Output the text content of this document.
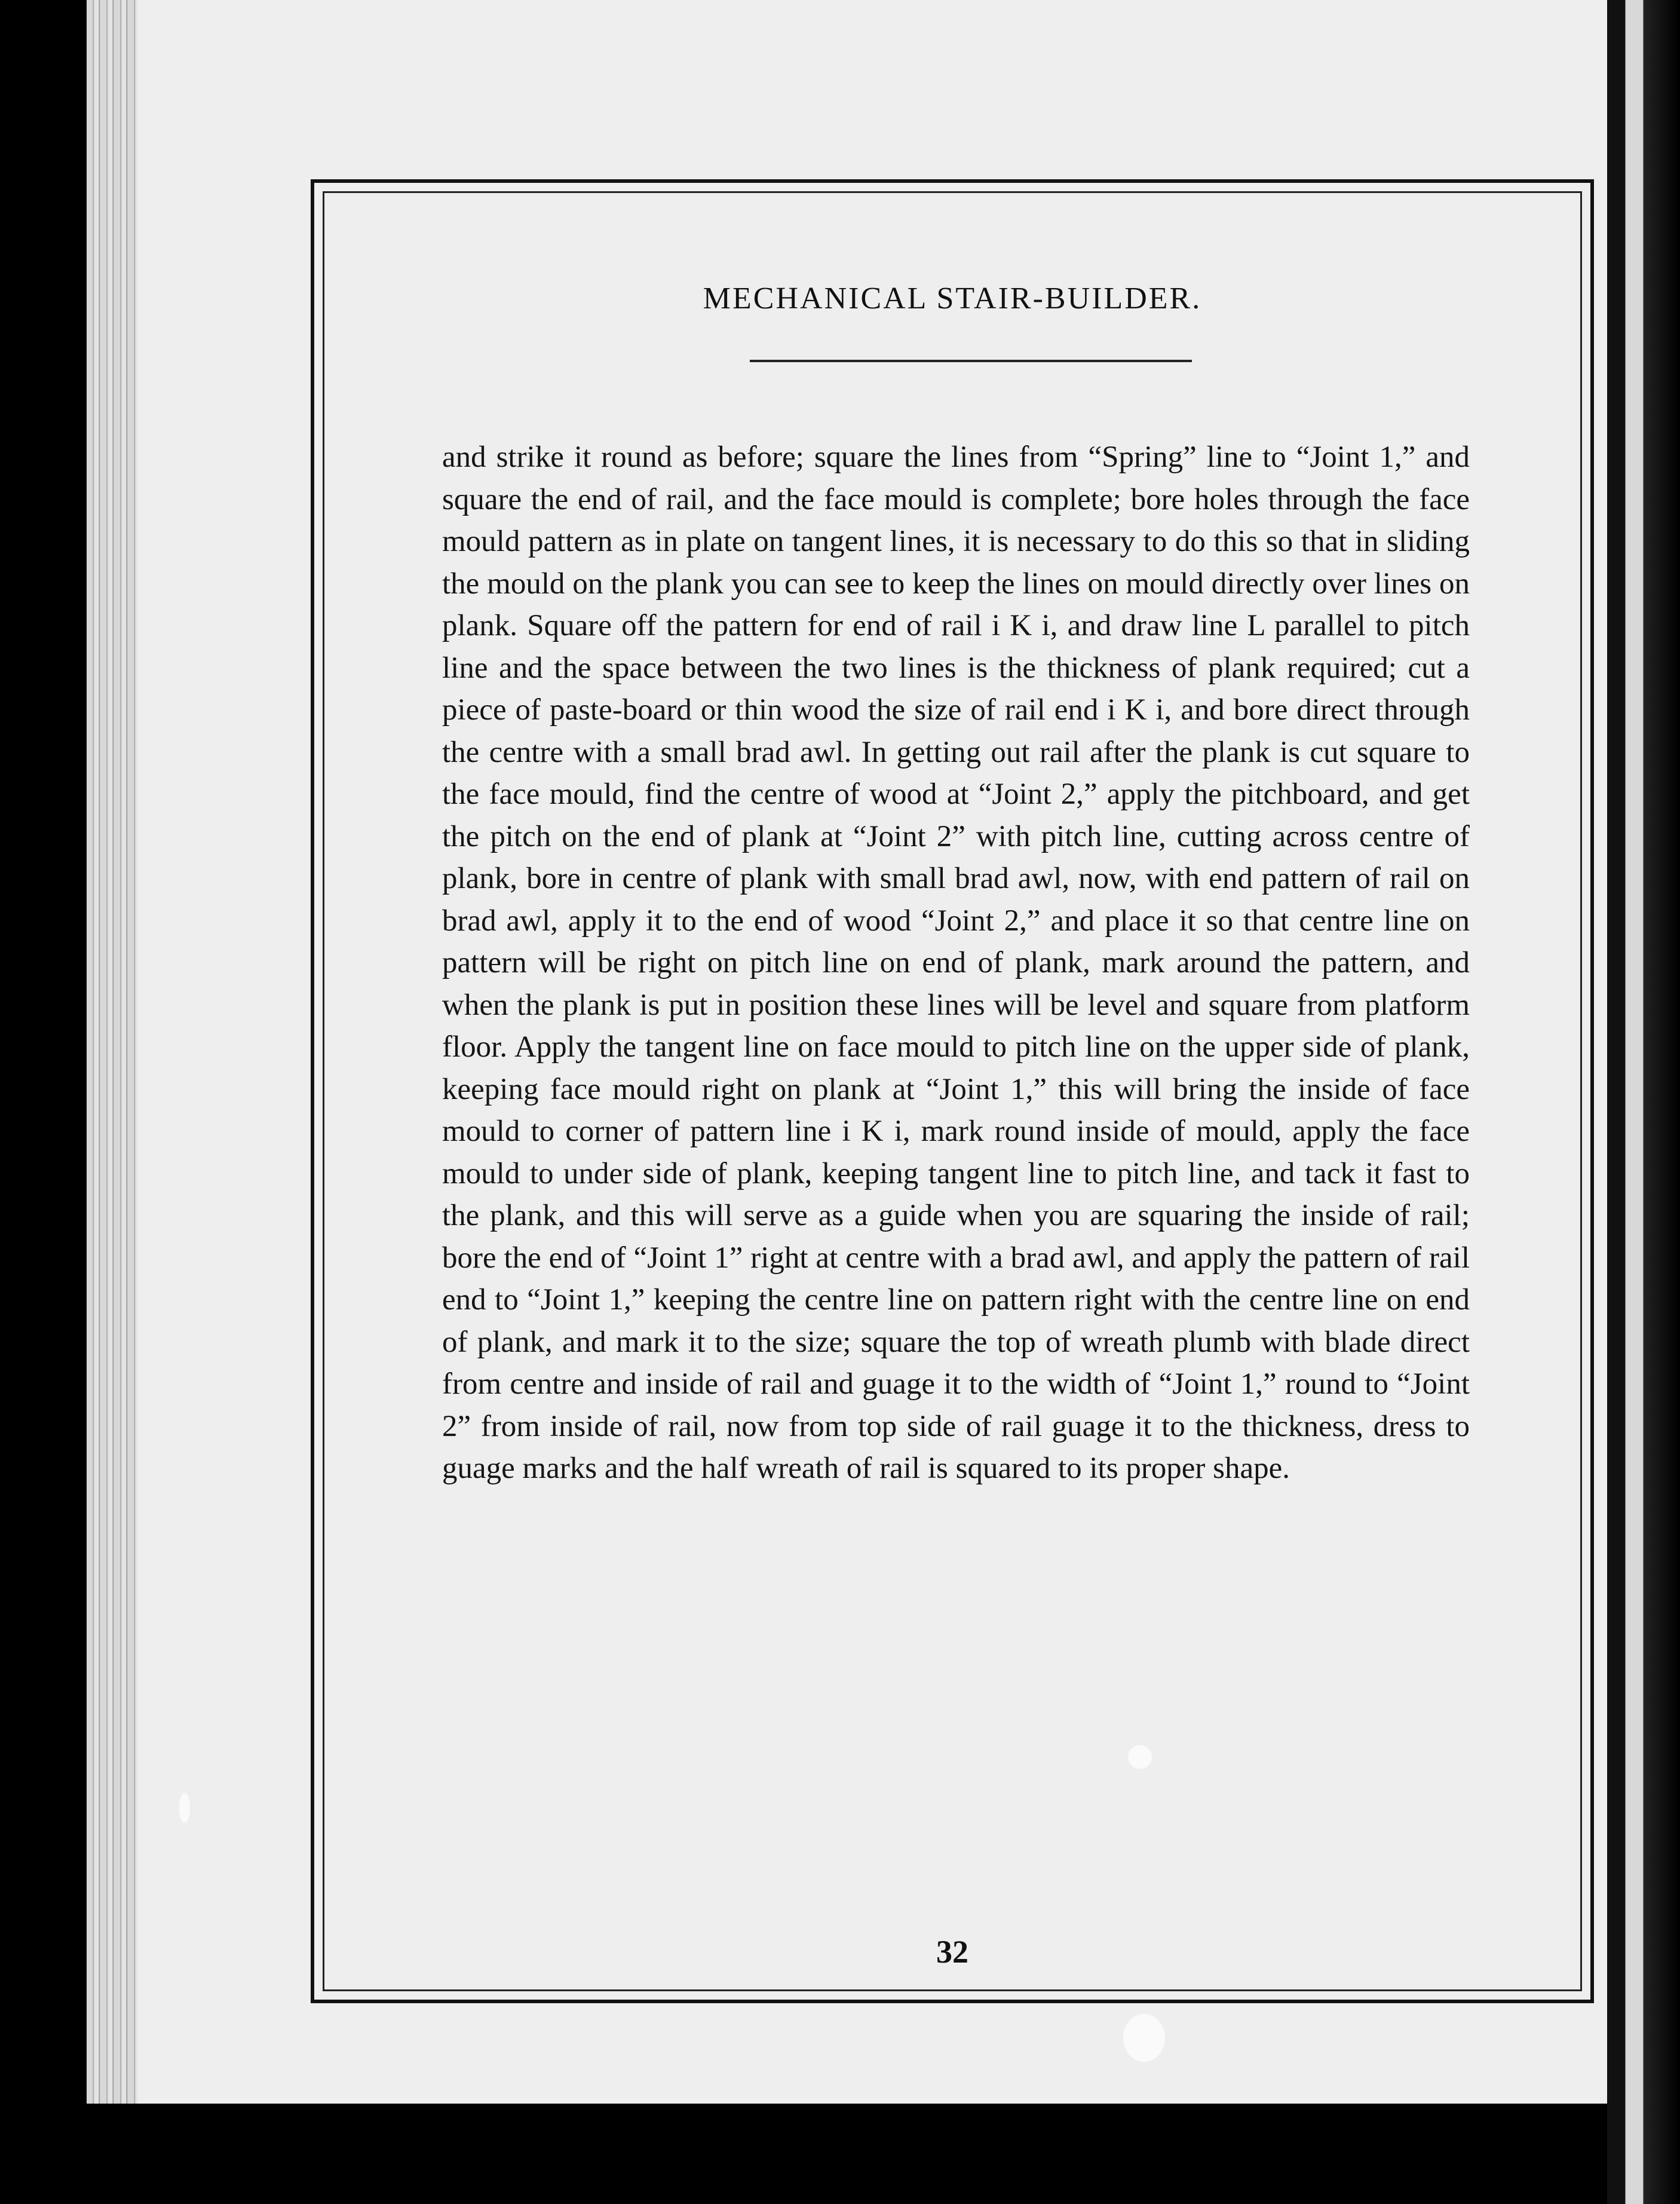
MECHANICAL STAIR-BUILDER.

and strike it round as before; square the lines from “Spring” line to “Joint 1,” and square the end of rail, and the face mould is complete; bore holes through the face mould pattern as in plate on tangent lines, it is necessary to do this so that in sliding the mould on the plank you can see to keep the lines on mould directly over lines on plank. Square off the pattern for end of rail i K i, and draw line L parallel to pitch line and the space between the two lines is the thickness of plank required; cut a piece of paste-board or thin wood the size of rail end i K i, and bore direct through the centre with a small brad awl. In getting out rail after the plank is cut square to the face mould, find the centre of wood at “Joint 2,” apply the pitchboard, and get the pitch on the end of plank at “Joint 2” with pitch line, cutting across centre of plank, bore in centre of plank with small brad awl, now, with end pattern of rail on brad awl, apply it to the end of wood “Joint 2,” and place it so that centre line on pattern will be right on pitch line on end of plank, mark around the pattern, and when the plank is put in position these lines will be level and square from platform floor. Apply the tangent line on face mould to pitch line on the upper side of plank, keeping face mould right on plank at “Joint 1,” this will bring the inside of face mould to corner of pattern line i K i, mark round inside of mould, apply the face mould to under side of plank, keeping tangent line to pitch line, and tack it fast to the plank, and this will serve as a guide when you are squaring the inside of rail; bore the end of “Joint 1” right at centre with a brad awl, and apply the pattern of rail end to “Joint 1,” keeping the centre line on pattern right with the centre line on end of plank, and mark it to the size; square the top of wreath plumb with blade direct from centre and inside of rail and guage it to the width of “Joint 1,” round to “Joint 2” from inside of rail, now from top side of rail guage it to the thickness, dress to guage marks and the half wreath of rail is squared to its proper shape.

32
